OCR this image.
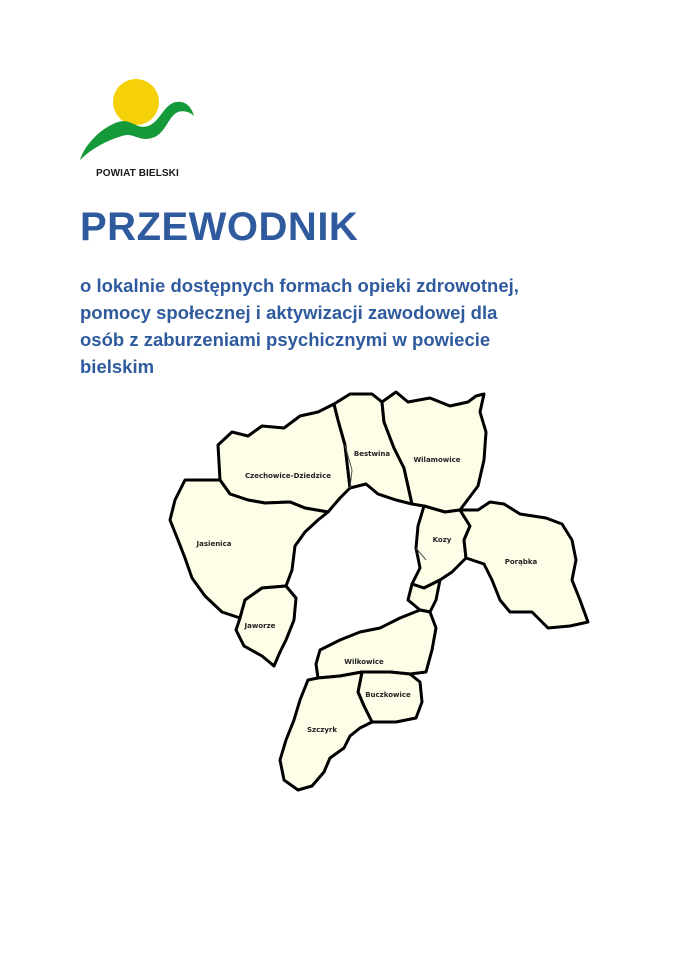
POWIAT BIELSKI
PRZEWODNIK

o lokalnie dostępnych formach opieki zdrowotnej,
pomocy społecznej i aktywizacji zawodowej dla
osób z zaburzeniami psychicznymi w powiecie
bielskim

Czechowice-Dziedzice
Bestwina
Wilamowice
Jasienica	Kozy
Porąbka
Jaworze
Wilkowice
Buczkowice
Szczyrk
